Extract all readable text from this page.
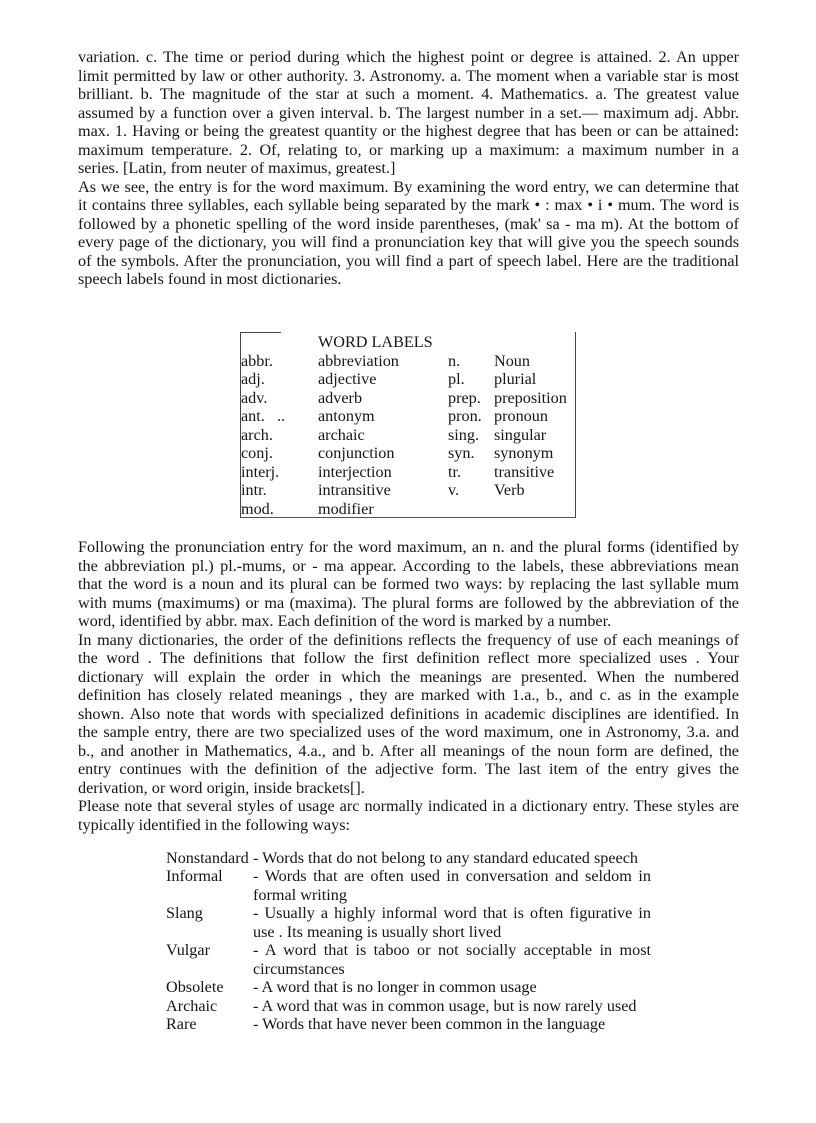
variation. c. The time or period during which the highest point or degree is attained. 2. An upper
limit permitted by law or other authority. 3. Astronomy. a. The moment when a variable star is most
brilliant. b. The magnitude of the star at such a moment. 4. Mathematics. a. The greatest value
assumed by a function over a given interval. b. The largest number in a set.— maximum adj. Abbr.
max. 1. Having or being the greatest quantity or the highest degree that has been or can be attained:
maximum temperature. 2. Of, relating to, or marking up a maximum: a maximum number in a
series. [Latin, from neuter of maximus, greatest.]

As we see, the entry is for the word maximum. By examining the word entry, we can determine that
it contains three syllables, each syllable being separated by the mark • : max • i • mum. The word is
followed by a phonetic spelling of the word inside parentheses, (mak' sa - ma m). At the bottom of
every page of the dictionary, you will find a pronunciation key that will give you the speech sounds
of the symbols. After the pronunciation, you will find a part of speech label. Here are the traditional
speech labels found in most dictionaries.

WORD LABELS
abbr.	abbreviation	n. Noun
adj.	adjective	pl. plurial
adv.	adverb	prep. preposition
ant.   .. antonym	pron. pronoun
arch.	archaic	sing. singular
conj.	conjunction	syn. synonym
interj. interjection	tr. transitive
intr.	intransitive	v. Verb
mod.	modifier

Following the pronunciation entry for the word maximum, an n. and the plural forms (identified by
the abbreviation pl.) pl.-mums, or - ma appear. According to the labels, these abbreviations mean
that the word is a noun and its plural can be formed two ways: by replacing the last syllable mum
with mums (maximums) or ma (maxima). The plural forms are followed by the abbreviation of the
word, identified by abbr. max. Each definition of the word is marked by a number.

In many dictionaries, the order of the definitions reflects the frequency of use of each meanings of
the word . The definitions that follow the first definition reflect more specialized uses . Your
dictionary will explain the order in which the meanings are presented. When the numbered
definition has closely related meanings , they are marked with 1.a., b., and c. as in the example
shown. Also note that words with specialized definitions in academic disciplines are identified. In
the sample entry, there are two specialized uses of the word maximum, one in Astronomy, 3.a. and
b., and another in Mathematics, 4.a., and b. After all meanings of the noun form are defined, the
entry continues with the definition of the adjective form. The last item of the entry gives the
derivation, or word origin, inside brackets[].

Please note that several styles of usage arc normally indicated in a dictionary entry. These styles are
typically identified in the following ways:

Nonstandard - Words that do not belong to any standard educated speech
Informal - Words that are often used in conversation and seldom in
formal writing
Slang	- Usually a highly informal word that is often figurative in
use . Its meaning is usually short lived
Vulgar	- A word that is taboo or not socially acceptable in most
circumstances
Obsolete - A word that is no longer in common usage
Archaic - A word that was in common usage, but is now rarely used
Rare	- Words that have never been common in the language
